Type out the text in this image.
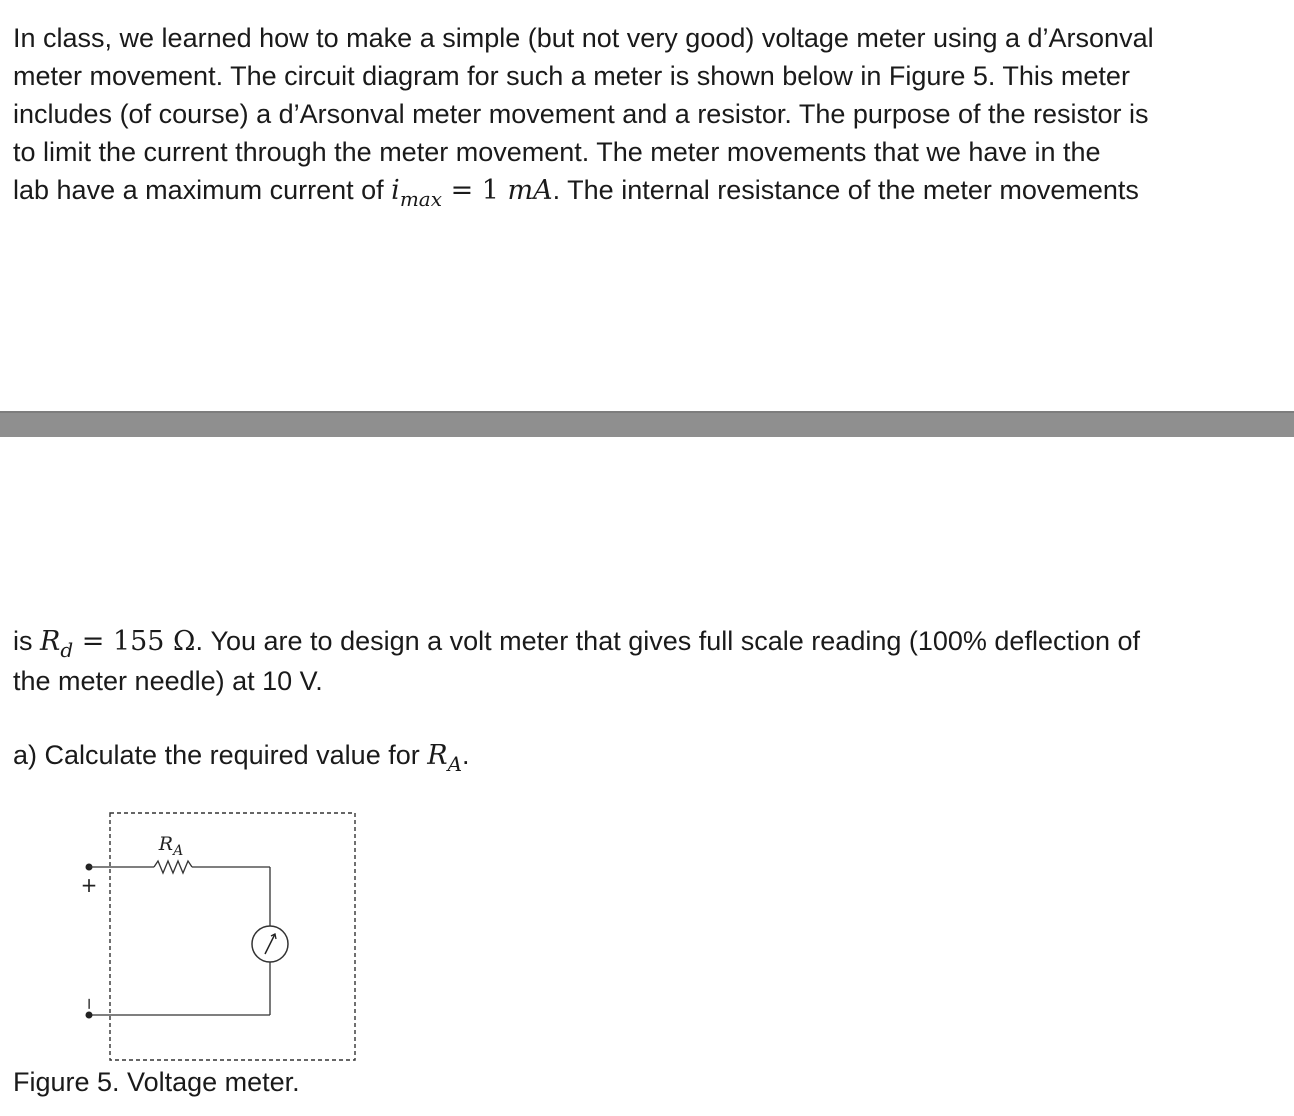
In class, we learned how to make a simple (but not very good) voltage meter using a d’Arsonval
meter movement. The circuit diagram for such a meter is shown below in Figure 5. This meter
includes (of course) a d’Arsonval meter movement and a resistor. The purpose of the resistor is
to limit the current through the meter movement. The meter movements that we have in the
lab have a maximum current of $i_{max} = 1$ mA. The internal resistance of the meter movements
is $R_d = 155$ Ω. You are to design a volt meter that gives full scale reading (100% deflection of
the meter needle) at 10 V.
a) Calculate the required value for $R_A$.
$R_A$
+
−
Figure 5. Voltage meter.
